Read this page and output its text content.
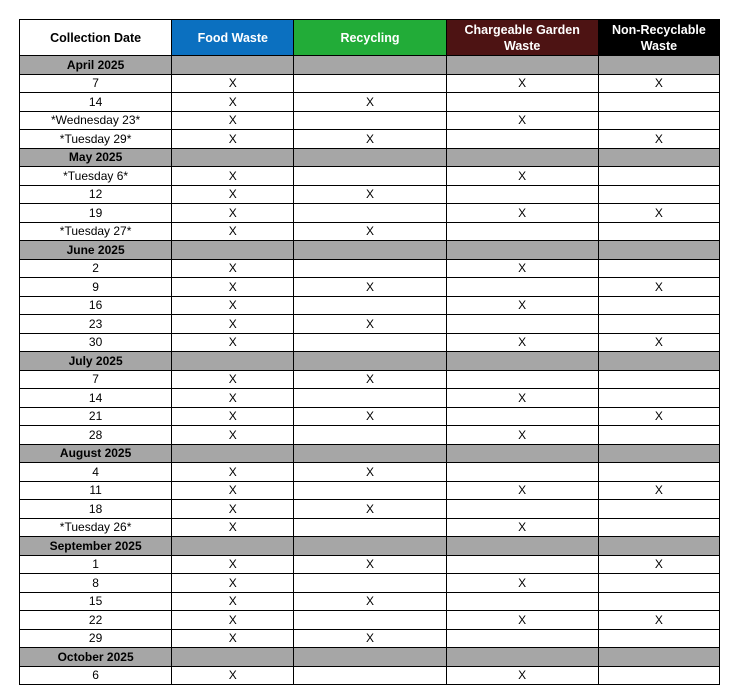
Collection Date	Food Waste	Recycling	Chargeable Garden Waste	Non-Recyclable Waste
April 2025				
7	X		X	X
14	X	X		
*Wednesday 23*	X		X	
*Tuesday 29*	X	X		X
May 2025				
*Tuesday 6*	X		X	
12	X	X		
19	X		X	X
*Tuesday 27*	X	X		
June 2025				
2	X		X	
9	X	X		X
16	X		X	
23	X	X		
30	X		X	X
July 2025				
7	X	X		
14	X		X	
21	X	X		X
28	X		X	
August 2025				
4	X	X		
11	X		X	X
18	X	X		
*Tuesday 26*	X		X	
September 2025				
1	X	X		X
8	X		X	
15	X	X		
22	X		X	X
29	X	X		
October 2025				
6	X		X	
